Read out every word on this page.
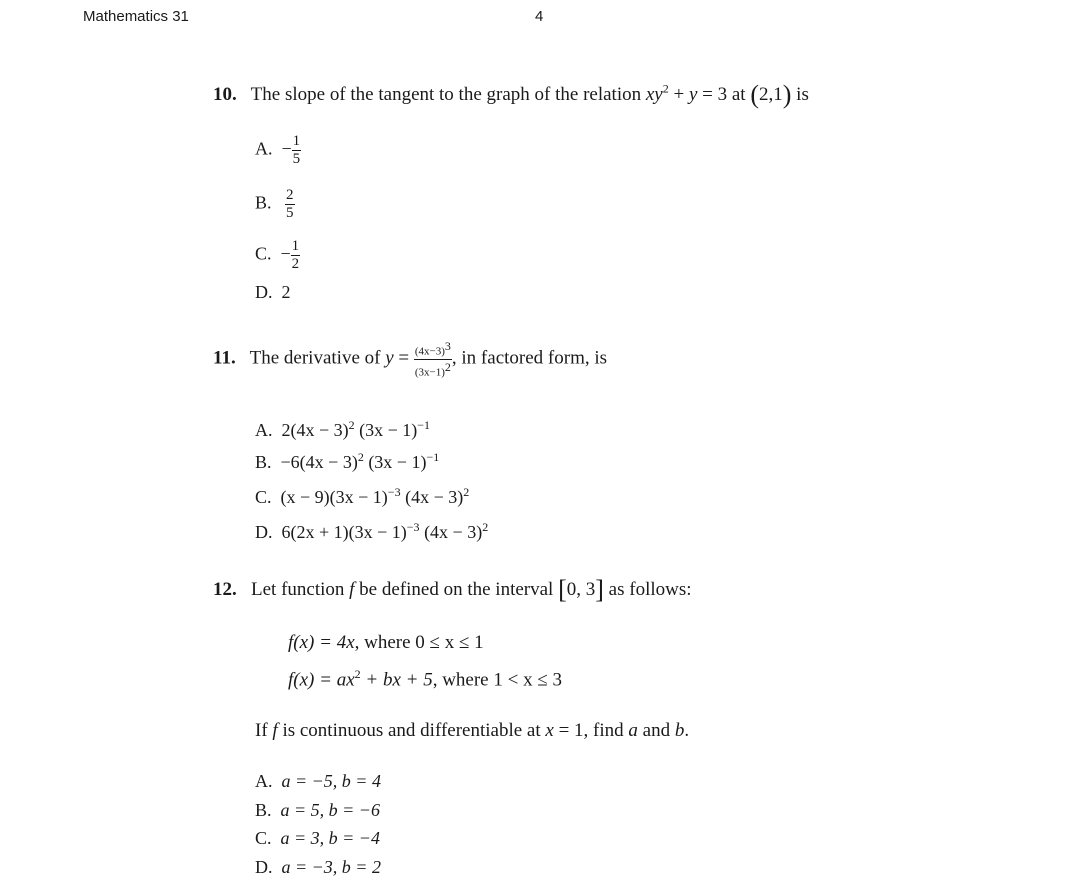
Mathematics 31	4
10. The slope of the tangent to the graph of the relation $xy^2 + y = 3$ at (2,1) is
A. − $\frac{1}{5}$
B. $\frac{2}{5}$
C. − $\frac{1}{2}$
D. 2
11. The derivative of $y = \frac{(4x-3)^3}{(3x-1)^2}$ , in factored form, is
A. $2(4x - 3)^2$ $(3x - 1)^{-1}$
B. $-6(4x - 3)^2$ $(3x - 1)^{-1}$
C. $(x - 9)(3x - 1)^{-3}$ $(4x - 3)^2$
D. $6(2x + 1)(3x - 1)^{-3}$ $(4x - 3)^2$
12. Let function f be defined on the interval [0, 3] as follows:
f(x) = 4x, where 0 ≤ x ≤ 1
$f(x) = ax^2$ + bx + 5, where 1 < x ≤ 3
If f is continuous and differentiable at x = 1, find a and b.
A. a = −5, b = 4
B. a = 5, b = −6
C. a = 3, b = −4
D. a = −3, b = 2
